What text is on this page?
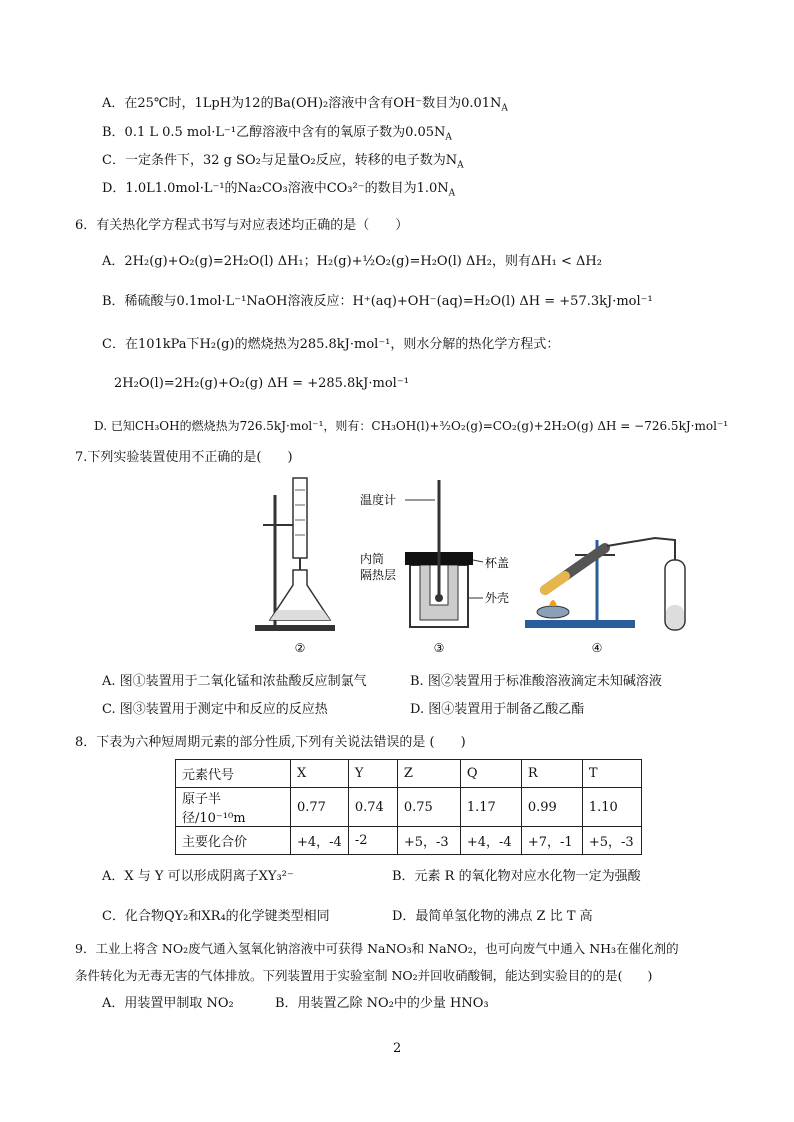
A．在25℃时，1LpH为12的Ba(OH)₂溶液中含有OH⁻数目为$0.01N_A$
B．0.1 L 0.5 mol·L⁻¹乙醇溶液中含有的氧原子数为$0.05N_A$
C．一定条件下，32 g SO₂与足量O₂反应，转移的电子数为$N_A$
D．1.0L1.0mol·L⁻¹的Na₂CO₃溶液中CO₃²⁻的数目为$1.0N_A$
6．有关热化学方程式书写与对应表述均正确的是（　　）
A．2H₂(g)+O₂(g)=2H₂O(l) ΔH₁；H₂(g)+½O₂(g)=H₂O(l) ΔH₂，则有ΔH₁ < ΔH₂
B．稀硫酸与0.1mol·L⁻¹NaOH溶液反应：H⁺(aq)+OH⁻(aq)=H₂O(l) ΔH = +57.3kJ·mol⁻¹
C．在101kPa下H₂(g)的燃烧热为285.8kJ·mol⁻¹，则水分解的热化学方程式：
2H₂O(l)=2H₂(g)+O₂(g) ΔH = +285.8kJ·mol⁻¹
D. 已知CH₃OH的燃烧热为726.5kJ·mol⁻¹，则有：CH₃OH(l)+³⁄₂O₂(g)=CO₂(g)+2H₂O(g) ΔH = −726.5kJ·mol⁻¹
7.下列实验装置使用不正确的是(　　)
②	③
温度计
内筒
隔热层
杯盖
外壳
④
A. 图①装置用于二氧化锰和浓盐酸反应制氯气	B. 图②装置用于标准酸溶液滴定未知碱溶液
C. 图③装置用于测定中和反应的反应热	D. 图④装置用于制备乙酸乙酯
8．下表为六种短周期元素的部分性质,下列有关说法错误的是 (　　)
元素代号	X	Y	Z	Q	R	T
原子半径/10⁻¹⁰m	0.77	0.74	0.75	1.17	0.99	1.10
主要化合价	+4，-4	-2	+5，-3	+4，-4	+7，-1	+5，-3
A．X 与 Y 可以形成阴离子XY₃²⁻	B．元素 R 的氧化物对应水化物一定为强酸
C．化合物QY₂和XR₄的化学键类型相同	D．最简单氢化物的沸点 Z 比 T 高
9．工业上将含 NO₂废气通入氢氧化钠溶液中可获得 NaNO₃和 NaNO₂，也可向废气中通入 NH₃在催化剂的
条件转化为无毒无害的气体排放。下列装置用于实验室制 NO₂并回收硝酸铜，能达到实验目的的是(　　)
A．用装置甲制取 NO₂	B．用装置乙除 NO₂中的少量 HNO₃
2
